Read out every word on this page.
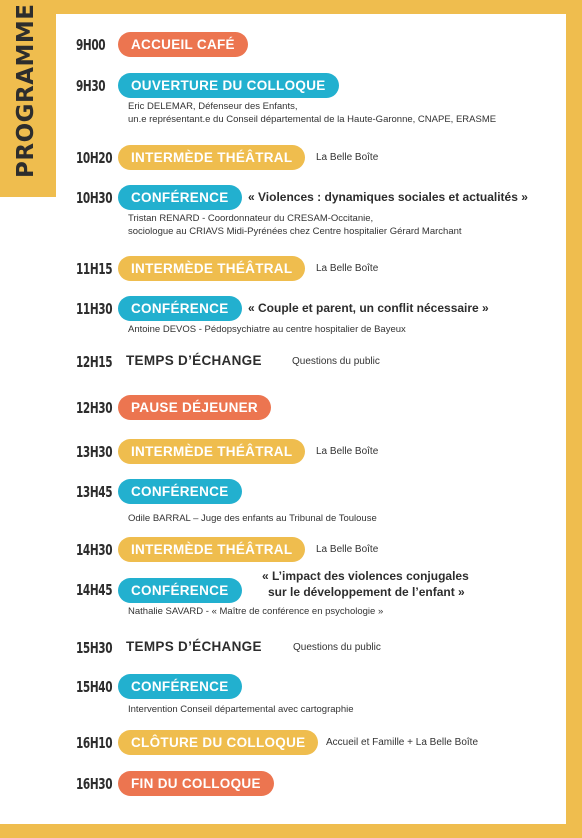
PROGRAMME 9H00	ACCUEIL CAFÉ
9H30	OUVERTURE DU COLLOQUE
Eric DELEMAR, Défenseur des Enfants,
un.e représentant.e du Conseil départemental de la Haute-Garonne, CNAPE, ERASME
10H20	INTERMÈDE THÉÂTRAL	La Belle Boîte
10H30	CONFÉRENCE	« Violences : dynamiques sociales et actualités »
Tristan RENARD - Coordonnateur du CRESAM-Occitanie,
sociologue au CRIAVS Midi-Pyrénées chez Centre hospitalier Gérard Marchant
11H15	INTERMÈDE THÉÂTRAL	La Belle Boîte
11H30	CONFÉRENCE	« Couple et parent, un conflit nécessaire »
Antoine DEVOS - Pédopsychiatre au centre hospitalier de Bayeux
12H15 TEMPS D’ÉCHANGE	Questions du public
12H30	PAUSE DÉJEUNER
13H30	INTERMÈDE THÉÂTRAL	La Belle Boîte
13H45	CONFÉRENCE
Odile BARRAL – Juge des enfants au Tribunal de Toulouse
14H30	INTERMÈDE THÉÂTRAL	La Belle Boîte
14H45	CONFÉRENCE
« L’impact des violences conjugales
sur le développement de l’enfant »
Nathalie SAVARD - « Maître de conférence en psychologie »
15H30 TEMPS D’ÉCHANGE	Questions du public
15H40	CONFÉRENCE
Intervention Conseil départemental avec cartographie
16H10	CLÔTURE DU COLLOQUE	Accueil et Famille + La Belle Boîte
16H30	FIN DU COLLOQUE
